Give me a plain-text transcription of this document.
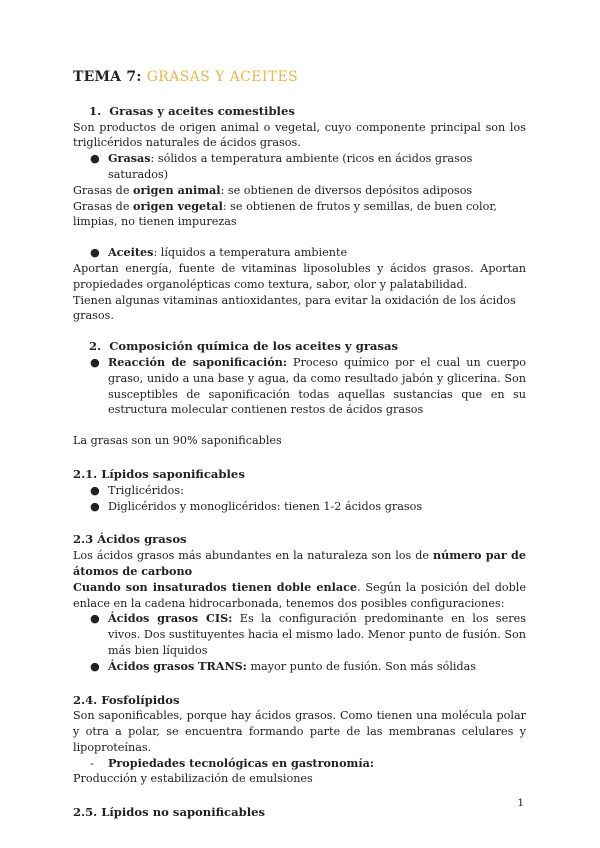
TEMA 7: GRASAS Y ACEITES
1. Grasas y aceites comestibles

Son productos de origen animal o vegetal, cuyo componente principal son los triglicéridos naturales de ácidos grasos.

● Grasas: sólidos a temperatura ambiente (ricos en ácidos grasos saturados)

Grasas de origen animal: se obtienen de diversos depósitos adiposos

Grasas de origen vegetal: se obtienen de frutos y semillas, de buen color, limpias, no tienen impurezas

● Aceites: líquidos a temperatura ambiente

Aportan energía, fuente de vitaminas liposolubles y ácidos grasos. Aportan propiedades organolépticas como textura, sabor, olor y palatabilidad.

Tienen algunas vitaminas antioxidantes, para evitar la oxidación de los ácidos grasos.

2. Composición química de los aceites y grasas
● Reacción de saponificación: Proceso químico por el cual un cuerpo graso, unido a una base y agua, da como resultado jabón y glicerina. Son susceptibles de saponificación todas aquellas sustancias que en su estructura molecular contienen restos de ácidos grasos

La grasas son un 90% saponificables

2.1. Lípidos saponificables
● Triglicéridos:
● Diglicéridos y monoglicéridos: tienen 1-2 ácidos grasos
2.3 Ácidos grasos

Los ácidos grasos más abundantes en la naturaleza son los de número par de átomos de carbono

Cuando son insaturados tienen doble enlace. Según la posición del doble enlace en la cadena hidrocarbonada, tenemos dos posibles configuraciones:

● Ácidos grasos CIS: Es la configuración predominante en los seres vivos. Dos sustituyentes hacia el mismo lado. Menor punto de fusión. Son más bien líquidos
● Ácidos grasos TRANS: mayor punto de fusión. Son más sólidas
2.4. Fosfolípidos

Son saponificables, porque hay ácidos grasos. Como tienen una molécula polar y otra a polar, se encuentra formando parte de las membranas celulares y lipoproteínas.

- Propiedades tecnológicas en gastronomía:

Producción y estabilización de emulsiones

2.5. Lípidos no saponificables
1
